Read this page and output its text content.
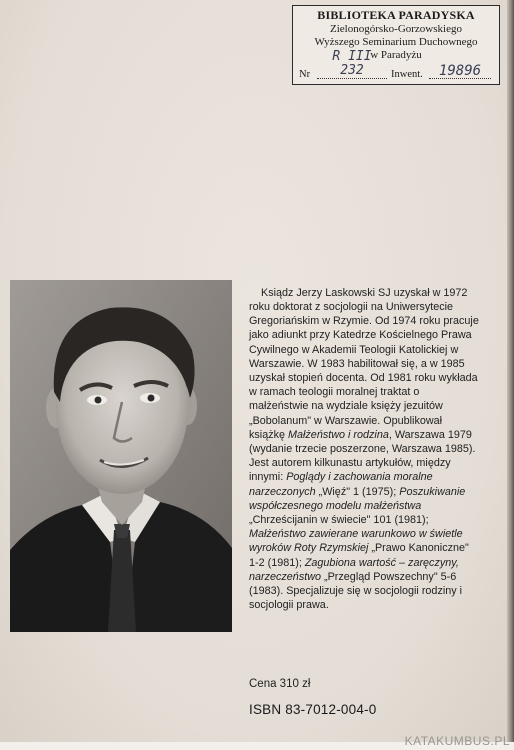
BIBLIOTEKA PARADYSKA
Zielonogórsko-Gorzowskiego
Wyższego Seminarium Duchownego
w Paradyżu
Nr
R III 232	Inwent.	19896

Ksiądz Jerzy Laskowski SJ uzyskał w 1972 roku doktorat z socjologii na Uniwersytecie Gregoriańskim w Rzymie. Od 1974 roku pracuje jako adiunkt przy Katedrze Kościelnego Prawa Cywilnego w Akademii Teologii Katolickiej w Warszawie. W 1983 habilitował się, a w 1985 uzyskał stopień docenta. Od 1981 roku wykłada w ramach teologii moralnej traktat o małżeństwie na wydziale księży jezuitów „Bobolanum" w Warszawie. Opublikował książkę Małżeństwo i rodzina, Warszawa 1979 (wydanie trzecie poszerzone, Warszawa 1985). Jest autorem kilkunastu artykułów, między innymi: Poglądy i zachowania moralne narzeczonych „Więź" 1 (1975); Poszukiwanie współczesnego modelu małżeństwa „Chrześcijanin w świecie" 101 (1981); Małżeństwo zawierane warunkowo w świetle wyroków Roty Rzymskiej „Prawo Kanoniczne" 1-2 (1981); Zagubiona wartość – zaręczyny, narzeczeństwo „Przegląd Powszechny" 5-6 (1983). Specjalizuje się w socjologii rodziny i socjologii prawa.

Cena 310 zł
ISBN 83-7012-004-0
KATAKUMBUS.PL
